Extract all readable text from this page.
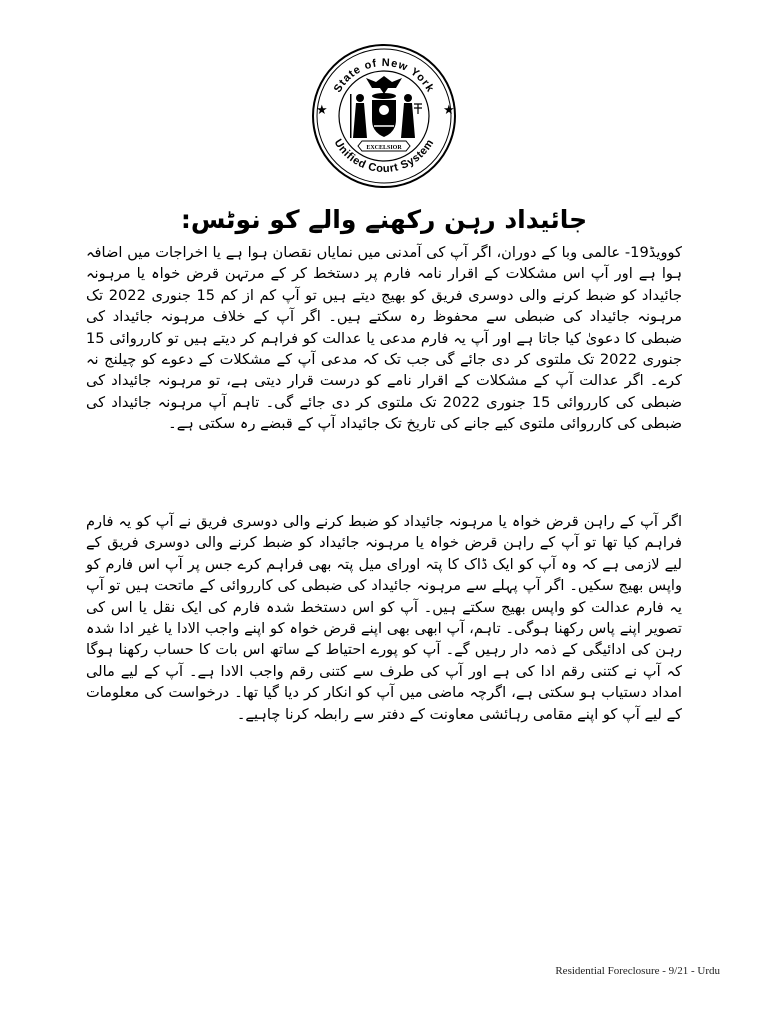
State of New York
Unified Court System
EXCELSIOR
★	★
جائیداد رہن رکھنے والے کو نوٹس:

کوویڈ19- عالمی وبا کے دوران، اگر آپ کی آمدنی میں نمایاں نقصان ہوا ہے یا اخراجات میں اضافہ ہوا ہے اور آپ اس مشکلات کے اقرار نامہ فارم پر دستخط کر کے مرتہن قرض خواہ یا مرہونہ جائیداد کو ضبط کرنے والی دوسری فریق کو بھیج دیتے ہیں تو آپ کم از کم 15 جنوری 2022 تک مرہونہ جائیداد کی ضبطی سے محفوظ رہ سکتے ہیں۔ اگر آپ کے خلاف مرہونہ جائیداد کی ضبطی کا دعویٰ کیا جاتا ہے اور آپ یہ فارم مدعی یا عدالت کو فراہم کر دیتے ہیں تو کارروائی 15 جنوری 2022 تک ملتوی کر دی جائے گی جب تک کہ مدعی آپ کے مشکلات کے دعوے کو چیلنج نہ کرے۔ اگر عدالت آپ کے مشکلات کے اقرار نامے کو درست قرار دیتی ہے، تو مرہونہ جائیداد کی ضبطی کی کارروائی 15 جنوری 2022 تک ملتوی کر دی جائے گی۔ تاہم آپ مرہونہ جائیداد کی ضبطی کی کارروائی ملتوی کیے جانے کی تاریخ تک جائیداد آپ کے قبضے رہ سکتی ہے۔

اگر آپ کے راہن قرض خواہ یا مرہونہ جائیداد کو ضبط کرنے والی دوسری فریق نے آپ کو یہ فارم فراہم کیا تھا تو آپ کے راہن قرض خواہ یا مرہونہ جائیداد کو ضبط کرنے والی دوسری فریق کے لیے لازمی ہے کہ وہ آپ کو ایک ڈاک کا پتہ اوراى میل پتہ بھی فراہم کرے جس پر آپ اس فارم کو واپس بھیج سکیں۔ اگر آپ پہلے سے مرہونہ جائیداد کی ضبطی کی کارروائی کے ماتحت ہیں تو آپ یہ فارم عدالت کو واپس بھیج سکتے ہیں۔ آپ کو اس دستخط شدہ فارم کی ایک نقل یا اس کی تصویر اپنے پاس رکھنا ہوگی۔ تاہم، آپ ابھی بھی اپنے قرض خواہ کو اپنے واجب الادا یا غیر ادا شدہ رہن کی ادائیگی کے ذمہ دار رہیں گے۔ آپ کو پورے احتیاط کے ساتھ اس بات کا حساب رکھنا ہوگا کہ آپ نے کتنی رقم ادا کی ہے اور آپ کی طرف سے کتنی رقم واجب الادا ہے۔ آپ کے لیے مالی امداد دستیاب ہو سکتی ہے، اگرچہ ماضی میں آپ کو انکار کر دیا گیا تھا۔ درخواست کی معلومات کے لیے آپ کو اپنے مقامی رہائشی معاونت کے دفتر سے رابطہ کرنا چاہیے۔

Residential Foreclosure - 9/21 - Urdu
